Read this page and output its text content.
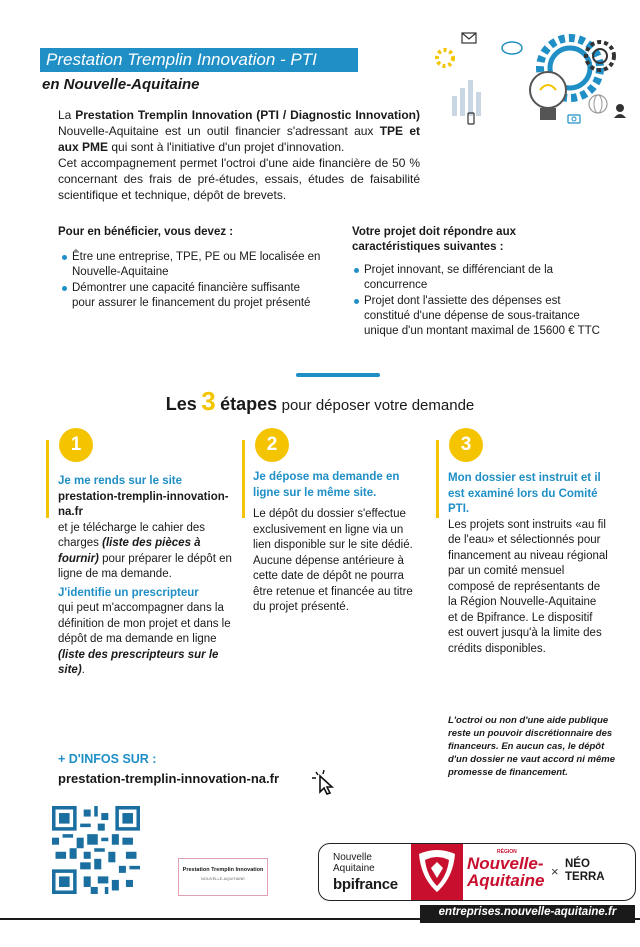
Prestation Tremplin Innovation - PTI
en Nouvelle-Aquitaine

La Prestation Tremplin Innovation (PTI / Diagnostic Innovation) Nouvelle-Aquitaine est un outil financier s'adressant aux TPE et aux PME qui sont à l'initiative d'un projet d'innovation.

Cet accompagnement permet l'octroi d'une aide financière de 50 % concernant des frais de pré-études, essais, études de faisabilité scientifique et technique, dépôt de brevets.

Pour en bénéficier, vous devez :
Être une entreprise, TPE, PE ou ME localisée en Nouvelle-Aquitaine
Démontrer une capacité financière suffisante pour assurer le financement du projet présenté
Votre projet doit répondre aux caractéristiques suivantes :
Projet innovant, se différenciant de la concurrence
Projet dont l'assiette des dépenses est constitué d'une dépense de sous-traitance unique d'un montant maximal de 15600 € TTC
Les 3 étapes pour déposer votre demande
1
Je me rends sur le site
prestation-tremplin-innovation-na.fr
et je télécharge le cahier des charges (liste des pièces à fournir) pour préparer le dépôt en ligne de ma demande.
J'identifie un prescripteur
qui peut m'accompagner dans la définition de mon projet et dans le dépôt de ma demande en ligne (liste des prescripteurs sur le site).
2
Je dépose ma demande en ligne sur le même site.
Le dépôt du dossier s'effectue exclusivement en ligne via un lien disponible sur le site dédié. Aucune dépense antérieure à cette date de dépôt ne pourra être retenue et financée au titre du projet présenté.
3
Mon dossier est instruit et il est examiné lors du Comité PTI.
Les projets sont instruits «au fil de l'eau» et sélectionnés pour financement au niveau régional par un comité mensuel composé de représentants de la Région Nouvelle-Aquitaine et de Bpifrance. Le dispositif est ouvert jusqu'à la limite des crédits disponibles.
L'octroi ou non d'une aide publique reste un pouvoir discrétionnaire des financeurs. En aucun cas, le dépôt d'un dossier ne vaut accord ni même promesse de financement.
+ D'INFOS SUR :
prestation-tremplin-innovation-na.fr
Prestation Tremplin Innovation
NOUVELLE-AQUITAINE
Nouvelle
Aquitaine
bpifrance
RÉGION
Nouvelle-
Aquitaine × NÉO
TERRA
entreprises.nouvelle-aquitaine.fr
